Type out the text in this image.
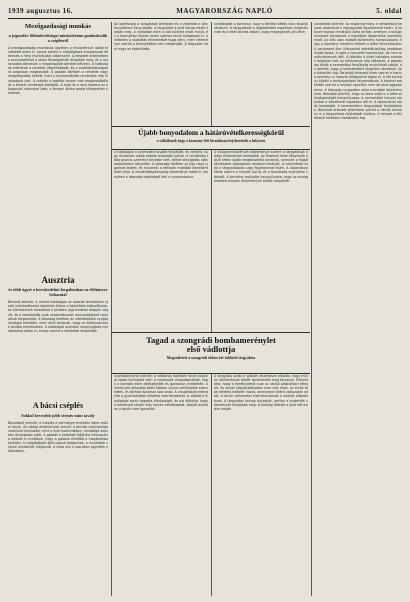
1939 augusztus 16.	MAGYARORSZÁG NAPLÓ	5. oldal
Mezőgazdasági munkás
a jugoszláv földművelésügyi minisztérium gondoskodik a cséplésről
A mezőgazdasági munkások ügyében a minisztérium újabb rendeletet adott ki, amely szerint a cséplőgépek tulajdonosai kötelesek a helyi munkásokat alkalmazni. A rendelet értelmében a munkabéreket a járási főszolgabírók állapítják meg, és a munkaadók kötelesek a megállapított béreket kifizetni. A hatóságok ellenőrzik a rendelet végrehajtását, és a szabálytalanságokat szigorúan megtorolják. A gazdák körében a rendelet nagy megelégedést keltett, mert a munkáskérdés rendezése régi kívánságuk volt. A cséplés a legtöbb helyen már megkezdődött és a termés minősége kielégítő. A búza és a rozs hozama az átlagosnál valamivel jobb, a tengeri állása pedig kifejezetten kedvező.
Ausztria
és több ügyei a kereskedelmi forgalomban az élelmiszer behozatal
Bécsből jelentik: A német hatóságok az osztrák területeken újabb intézkedéseket léptettek életbe a közellátás biztosítására. Az élelmiszerek elosztását a jövőben jegyrendszer alapján végzik, és a kereskedők csak meghatározott mennyiségeket hozhatnak forgalomba. A lakosság körében az intézkedések nyugtalanságot keltettek, mert attól tartanak, hogy az élelmiszerárak tovább emelkednek. A hatóságok azonban megnyugtató nyilatkozatot adtak ki, amely szerint a készletek elegendők.
A bácsi cséplés
Sokkal kevesebb jobb termés mint tavaly
Bácskából jelentik: A cséplés a vármegye területén teljes erővel folyik. Az eddigi eredmények szerint a termés mennyisége valamivel kevesebb, mint a múlt esztendőben, minősége azonban lényegesen jobb. A gazdák a kedvező időjárást kihasználva sietnek a munkával, hogy a gabona mielőbb a magtárakba kerüljön. A cséplőgépek éjjel-nappal dolgoznak, a munkások száma mindenütt elegendő. A búza ára a piacokon egyelőre változatlan.
Az ügyészség a vizsgálatot befejezte és a vádiratot a törvényszékhez benyújtotta. A tárgyalást a jövő hónap elején tartják meg. A vádlottak ellen a vád bűntett miatt indult, és a bizonyítási eljárás során számos tanút hallgatnak ki. A védelem a vádlottak felmentését fogja kérni, mert véleménye szerint a bizonyítékok nem elegendők. A tárgyalás iránt nagy az érdeklődés.
A hatóságok a nyomozást tovább folytatják, és remélik, hogy rövidesen újabb adatok birtokába jutnak. A rendőrség több gyanús személyt őrizetbe vett, akiket kihallgatás után szabadlábra helyeztek. A lakosság körében az ügy nagy izgalmat keltett, és mindenki a tettesek mielőbbi kézrekerítését várja. A rendőrfőkapitányság közleményt adott ki, amelyben a lakosság segítségét kéri a nyomozáshoz.
Szombathelyről jelentik: A robbanás ügyében folyó vizsgálat újabb fordulatot vett. A nyomozók megállapították, hogy a bombát előre elkészítették és gondosan elrejtették. A merénylet áldozatai közül többen súlyos sérüléseket szenvedtek, és kórházi ápolásra szorulnak. A vizsgálóbíró elrendelte a gyanúsítottak előzetes letartóztatását. A vádlott a kihallgatás során tagadta bűnösségét, és azt állította, hogy a merénylet idején más helyen tartózkodott. Alibijét azonban a tanúk nem igazolták.
nyilatkozott a kormány, hogy a kérdést békés úton kívánja rendezni. A tárgyalások a legközelebbi napokban megindulnak és a felek bíznak abban, hogy megegyezés jön létre.
A külügyminisztérium közleménye szerint a tárgyalások eddigi eredményei kielégítők. Az érdekelt felek képviselői a jövő héten újabb megbeszélést tartanak, amelyen a függő kérdéseket véglegesen rendezni kívánják. A nemzetközi sajtó a tárgyalásokat nagy figyelemmel kíséri. A diplomáciai körök szerint a helyzet javult, és a feszültség enyhülése várható. A kormány szóvivője hangsúlyozta, hogy az ország érdekeit minden körülmények között megvédik.
A tárgyalás során a vádlott részletesen előadta, hogy milyen körülmények között ismerkedett meg társaival. Elmondotta, hogy a merényletről csak az utolsó pillanatban értesült, és annak végrehajtásában nem vett részt. Az elnök több kérdést intézett hozzá, amelyekre kitérő válaszokat adott. A tanúk vallomásai ellentmondanak a vádlott előadásának. A tárgyalást holnap folytatják, amikor a szakértők véleményét hallgatják meg. A bíróság ítéletét a jövő hét elejére várják.
Londonból jelentik: Az angol kormány a nemzetközi helyzet alakulását a legnagyobb figyelemmel kíséri. A kabinet tegnap rendkívüli ülést tartott, amelyen a külügyminiszter beszámolt a legutóbbi diplomáciai eseményekről. Az ülés után kiadott közlemény hangsúlyozza, hogy a kormány mindent elkövet a béke fenntartására. A parlament őszi ülésszakát előreláthatólag korábban hívják össze. A sajtó a helyzetet komolynak, de nem reménytelennek ítéli. A tőzsdén a hírek hatására csendes forgalom volt, az árfolyamok alig változtak. A gazdasági körök a nemzetközi feszültség enyhülését várják, és remélik, hogy a kereskedelmi forgalom rövidesen újra élénkülni fog. Párizsból érkezett hírek szerint a francia kormány is hasonló álláspontot foglal el. A két kormány között a tanácskozások folyamatosak. A katonai szakértők szerint a helyzet egyelőre nem ad okot aggodalomra. A lakosság nyugodtan várja a további fejleményeket. Rómából jelentik, hogy az olasz sajtó is a béke szükségességét hangsúlyozza. A nemzetközi helyzet alakulása a következő napokban dől el. A diplomáciai körök bizakodók. A kereskedelmi tárgyalások folytatódnak. Berlinből érkezett jelentések szerint a német kormány is a tárgyalások folytatását kívánja. A helyzet a következő hetekben tisztázódni fog.
Újabb bonyodalom a hátárúvételkerességkörül
a vállalkozók hogy a kormány felé hivatalosan bejelentették a helyzetet
Tagad a szongrádi bombamerénylet
első vádlottja
Megszületett a szongrádi ebben két tábláról tárgyalása
